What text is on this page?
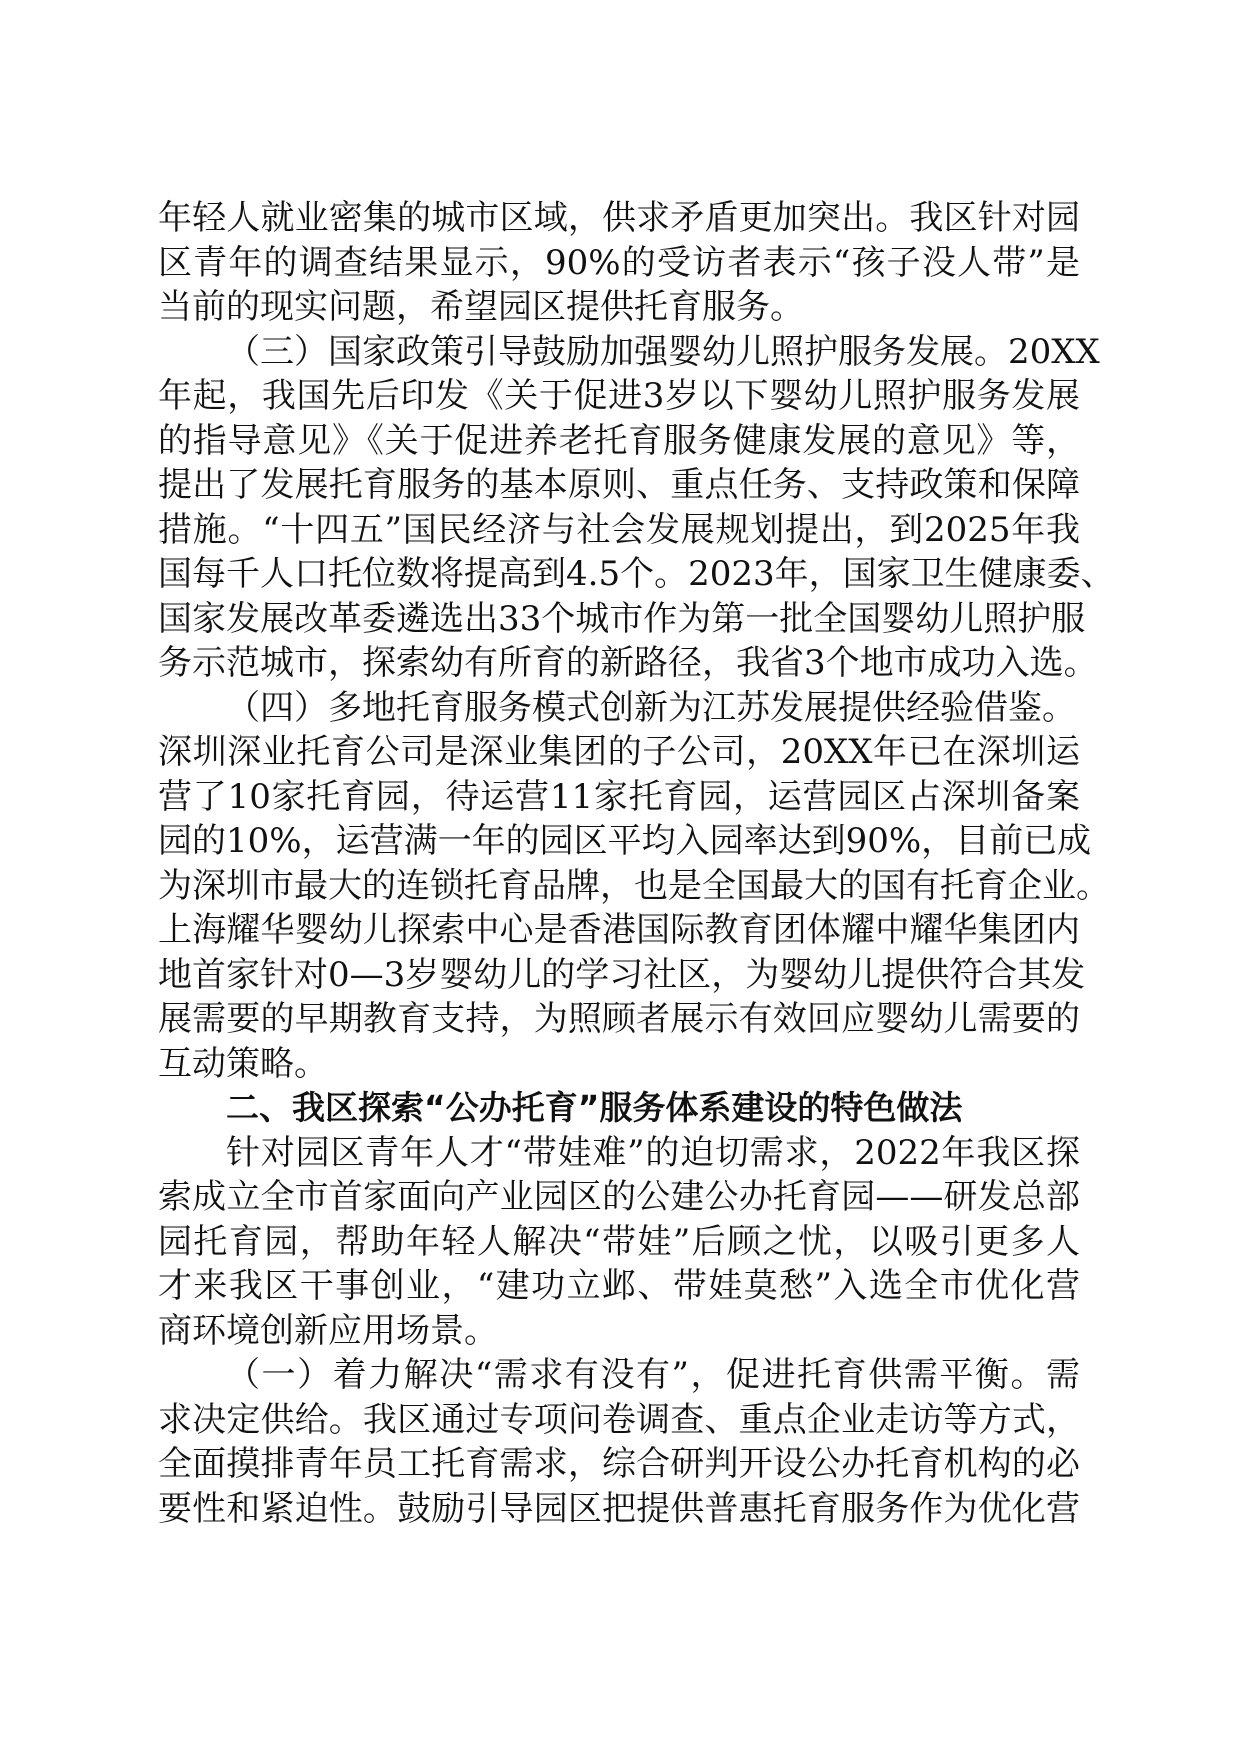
年轻人就业密集的城市区域，供求矛盾更加突出。我区针对园
区青年的调查结果显示，90%的受访者表示“孩子没人带”是
当前的现实问题，希望园区提供托育服务。
（三）国家政策引导鼓励加强婴幼儿照护服务发展。20XX
年起，我国先后印发《关于促进3岁以下婴幼儿照护服务发展
的指导意见》《关于促进养老托育服务健康发展的意见》等，
提出了发展托育服务的基本原则、重点任务、支持政策和保障
措施。“十四五”国民经济与社会发展规划提出，到2025年我
国每千人口托位数将提高到4.5个。2023年，国家卫生健康委、
国家发展改革委遴选出33个城市作为第一批全国婴幼儿照护服
务示范城市，探索幼有所育的新路径，我省3个地市成功入选。
（四）多地托育服务模式创新为江苏发展提供经验借鉴。
深圳深业托育公司是深业集团的子公司，20XX年已在深圳运
营了10家托育园，待运营11家托育园，运营园区占深圳备案
园的10%，运营满一年的园区平均入园率达到90%，目前已成
为深圳市最大的连锁托育品牌，也是全国最大的国有托育企业。
上海耀华婴幼儿探索中心是香港国际教育团体耀中耀华集团内
地首家针对0—3岁婴幼儿的学习社区，为婴幼儿提供符合其发
展需要的早期教育支持，为照顾者展示有效回应婴幼儿需要的
互动策略。
二、我区探索“公办托育”服务体系建设的特色做法
针对园区青年人才“带娃难”的迫切需求，2022年我区探
索成立全市首家面向产业园区的公建公办托育园——研发总部
园托育园，帮助年轻人解决“带娃”后顾之忧，以吸引更多人
才来我区干事创业，“建功立邺、带娃莫愁”入选全市优化营
商环境创新应用场景。
（一）着力解决“需求有没有”，促进托育供需平衡。需
求决定供给。我区通过专项问卷调查、重点企业走访等方式，
全面摸排青年员工托育需求，综合研判开设公办托育机构的必
要性和紧迫性。鼓励引导园区把提供普惠托育服务作为优化营
